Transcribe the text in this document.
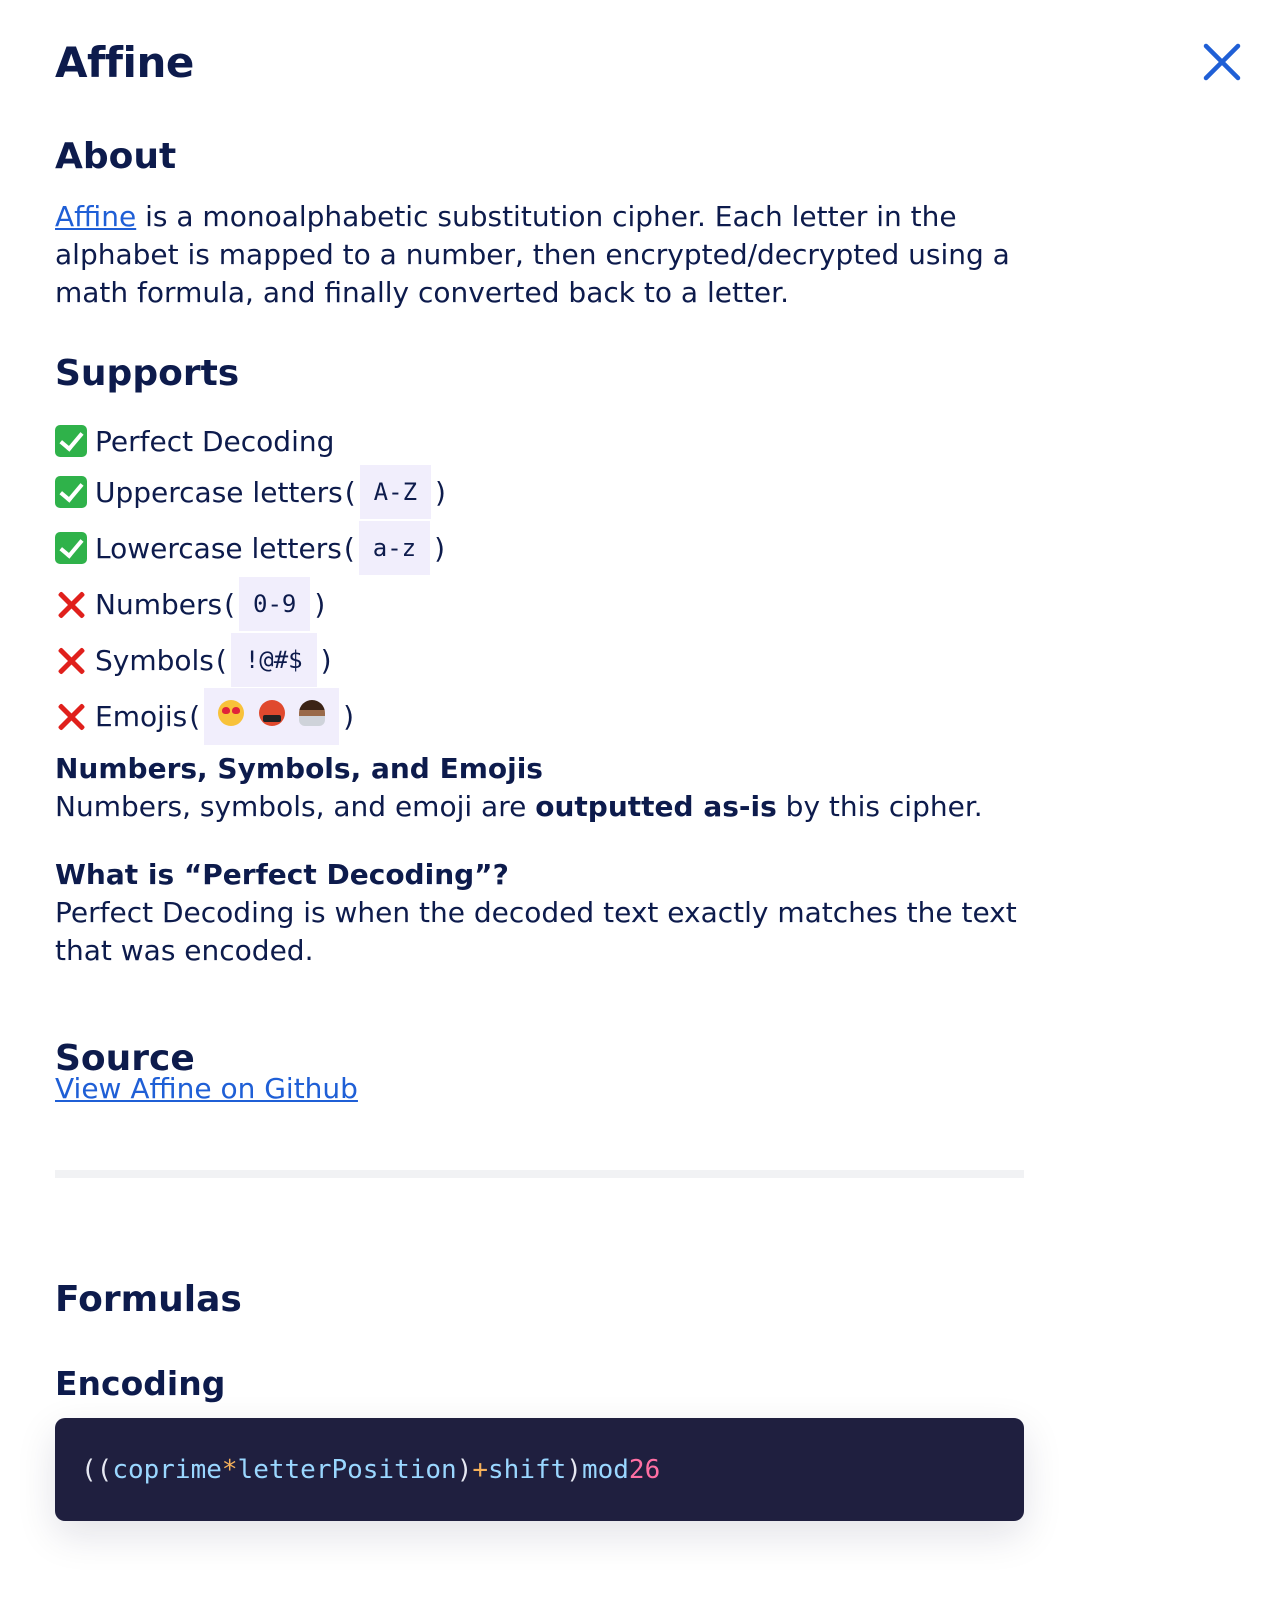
Affine
About

Affine is a monoalphabetic substitution cipher. Each letter in the alphabet is mapped to a number, then encrypted/decrypted using a math formula, and finally converted back to a letter.

Supports
Perfect Decoding
Uppercase letters ( A-Z )
Lowercase letters ( a-z )
Numbers ( 0-9 )
Symbols ( !@#$ )
Emojis (
	)
Numbers, Symbols, and Emojis

Numbers, symbols, and emoji are outputted as-is by this cipher.

What is “Perfect Decoding”?

Perfect Decoding is when the decoded text exactly matches the text that was encoded.

Source

View Affine on Github

Formulas
Encoding
(( coprime * letterPosition ) + shift ) mod 26
